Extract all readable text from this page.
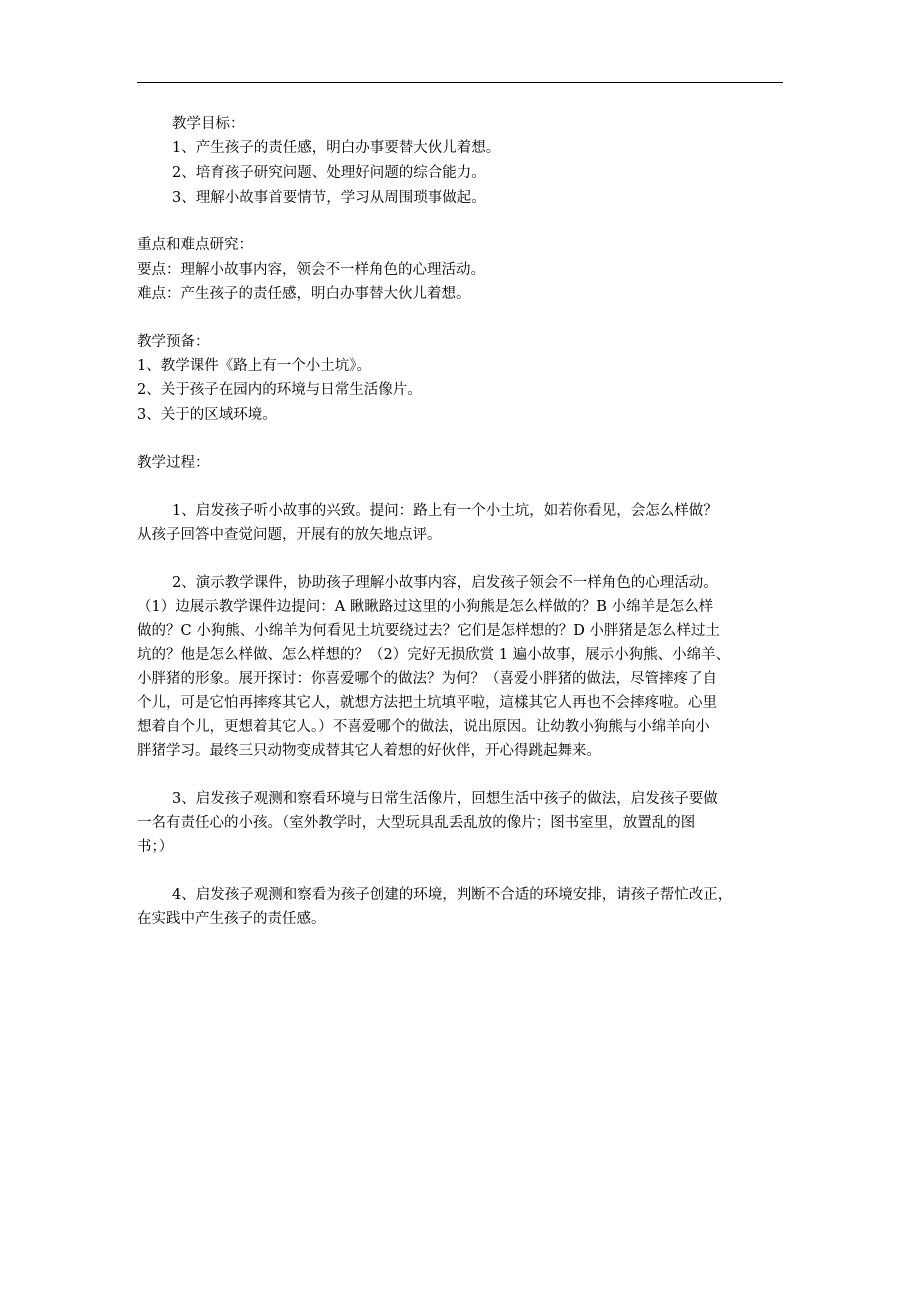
教学目标：
1、产生孩子的责任感，明白办事要替大伙儿着想。
2、培育孩子研究问题、处理好问题的综合能力。
3、理解小故事首要情节，学习从周围琐事做起。
重点和难点研究：
要点：理解小故事内容，领会不一样角色的心理活动。
难点：产生孩子的责任感，明白办事替大伙儿着想。
教学预备：
1、教学课件《路上有一个小土坑》。
2、关于孩子在园内的环境与日常生活像片。
3、关于的区域环境。
教学过程：
1、启发孩子听小故事的兴致。提问：路上有一个小土坑，如若你看见，会怎么样做？
从孩子回答中查觉问题，开展有的放矢地点评。
2、演示教学课件，协助孩子理解小故事内容，启发孩子领会不一样角色的心理活动。
（1）边展示教学课件边提问：A 瞅瞅路过这里的小狗熊是怎么样做的？B 小绵羊是怎么样
做的？C 小狗熊、小绵羊为何看见土坑要绕过去？它们是怎样想的？D 小胖猪是怎么样过土
坑的？他是怎么样做、怎么样想的？（2）完好无损欣赏 1 遍小故事，展示小狗熊、小绵羊、
小胖猪的形象。展开探讨：你喜爱哪个的做法？为何？（喜爱小胖猪的做法，尽管摔疼了自
个儿，可是它怕再摔疼其它人，就想方法把土坑填平啦，這樣其它人再也不会摔疼啦。心里
想着自个儿，更想着其它人。）不喜爱哪个的做法，说出原因。让幼教小狗熊与小绵羊向小
胖猪学习。最终三只动物变成替其它人着想的好伙伴，开心得跳起舞来。
3、启发孩子观测和察看环境与日常生活像片，回想生活中孩子的做法，启发孩子要做
一名有责任心的小孩。（室外教学时，大型玩具乱丢乱放的像片；图书室里，放置乱的图
书；）
4、启发孩子观测和察看为孩子创建的环境，判断不合适的环境安排，请孩子帮忙改正，
在实践中产生孩子的责任感。
